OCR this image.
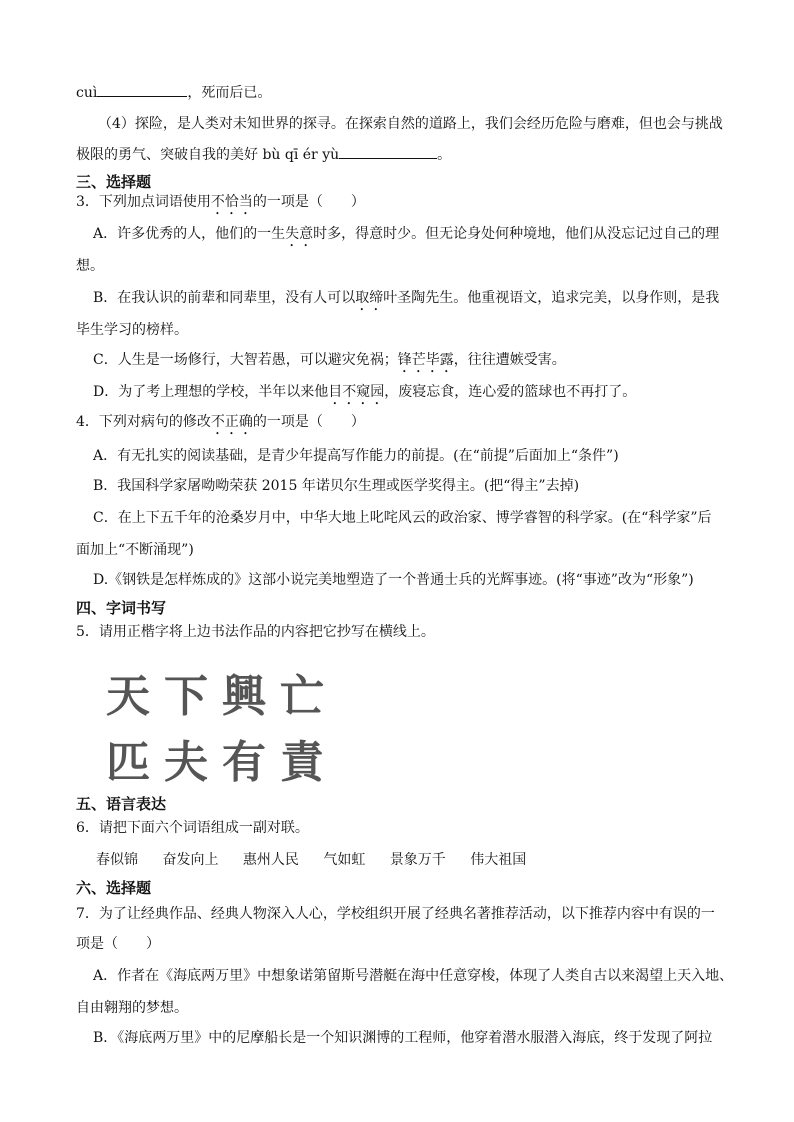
cuì	，死而后已。
（4）探险，是人类对未知世界的探寻。在探索自然的道路上，我们会经历危险与磨难，但也会与挑战
极限的勇气、突破自我的美好 bù qī ér yù	。
三、选择题
3．下列加点词语使用不恰当的一项是（　　）
A．许多优秀的人，他们的一生失意时多，得意时少。但无论身处何种境地，他们从没忘记过自己的理
想。
B．在我认识的前辈和同辈里，没有人可以取缔叶圣陶先生。他重视语文，追求完美，以身作则，是我
毕生学习的榜样。
C．人生是一场修行，大智若愚，可以避灾免祸；锋芒毕露，往往遭嫉受害。
D．为了考上理想的学校，半年以来他目不窥园，废寝忘食，连心爱的篮球也不再打了。
4．下列对病句的修改不正确的一项是（　　）
A．有无扎实的阅读基础，是青少年提高写作能力的前提。(在“前提”后面加上“条件”)
B．我国科学家屠呦呦荣获 2015 年诺贝尔生理或医学奖得主。(把“得主”去掉)
C．在上下五千年的沧桑岁月中，中华大地上叱咤风云的政治家、博学睿智的科学家。(在“科学家”后
面加上“不断涌现”)
D.《钢铁是怎样炼成的》这部小说完美地塑造了一个普通士兵的光辉事迹。(将“事迹”改为“形象”)
四、字词书写
5．请用正楷字将上边书法作品的内容把它抄写在横线上。
天下興亡
匹夫有責
五、语言表达
6．请把下面六个词语组成一副对联。
春似锦 奋发向上 惠州人民 气如虹 景象万千 伟大祖国
六、选择题
7．为了让经典作品、经典人物深入人心，学校组织开展了经典名著推荐活动，以下推荐内容中有误的一
项是（　　）
A．作者在《海底两万里》中想象诺第留斯号潜艇在海中任意穿梭，体现了人类自古以来渴望上天入地、
自由翱翔的梦想。
B．《海底两万里》中的尼摩船长是一个知识渊博的工程师，他穿着潜水服潜入海底，终于发现了阿拉
